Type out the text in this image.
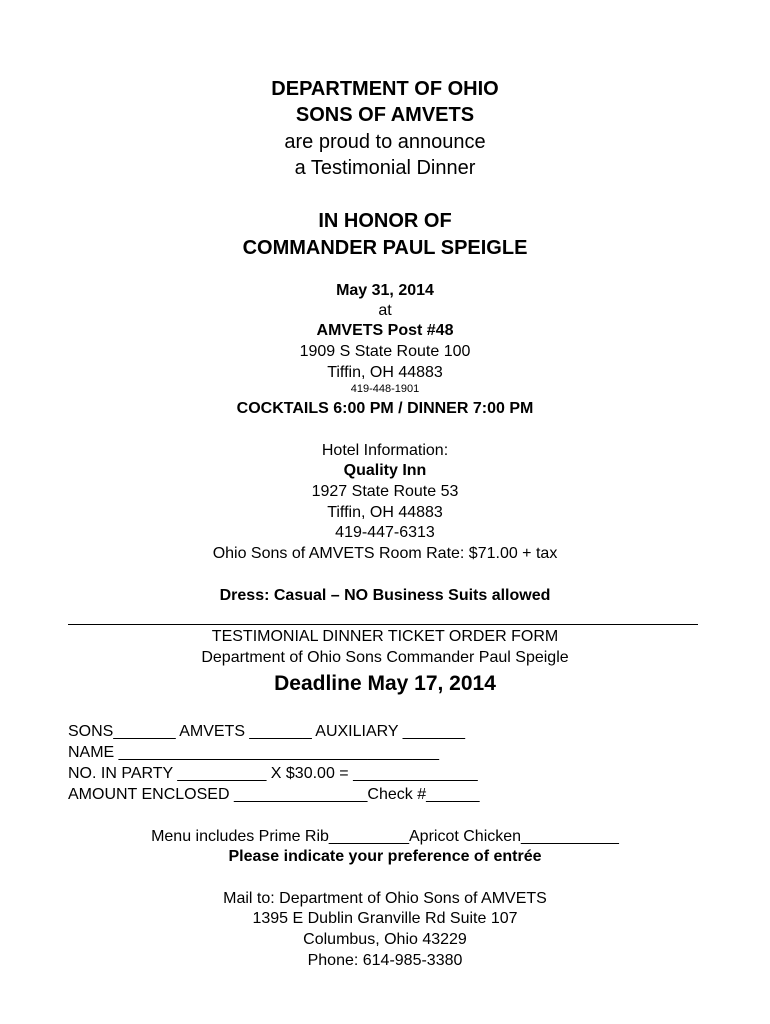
DEPARTMENT OF OHIO
SONS OF AMVETS
are proud to announce
a Testimonial Dinner
IN HONOR OF
COMMANDER PAUL SPEIGLE
May 31, 2014
at
AMVETS Post #48
1909 S State Route 100
Tiffin, OH 44883
419-448-1901
COCKTAILS 6:00 PM / DINNER 7:00 PM
Hotel Information:
Quality Inn
1927 State Route 53
Tiffin, OH 44883
419-447-6313
Ohio Sons of AMVETS Room Rate: $71.00 + tax
Dress: Casual – NO Business Suits allowed
TESTIMONIAL DINNER TICKET ORDER FORM
Department of Ohio Sons Commander Paul Speigle
Deadline May 17, 2014
SONS_______ AMVETS _______ AUXILIARY _______
NAME ____________________________________
NO. IN PARTY __________ X $30.00 = ______________
AMOUNT ENCLOSED _______________Check #______
Menu includes Prime Rib_________Apricot Chicken___________
Please indicate your preference of entrée
Mail to: Department of Ohio Sons of AMVETS
1395 E Dublin Granville Rd Suite 107
Columbus, Ohio 43229
Phone: 614-985-3380
